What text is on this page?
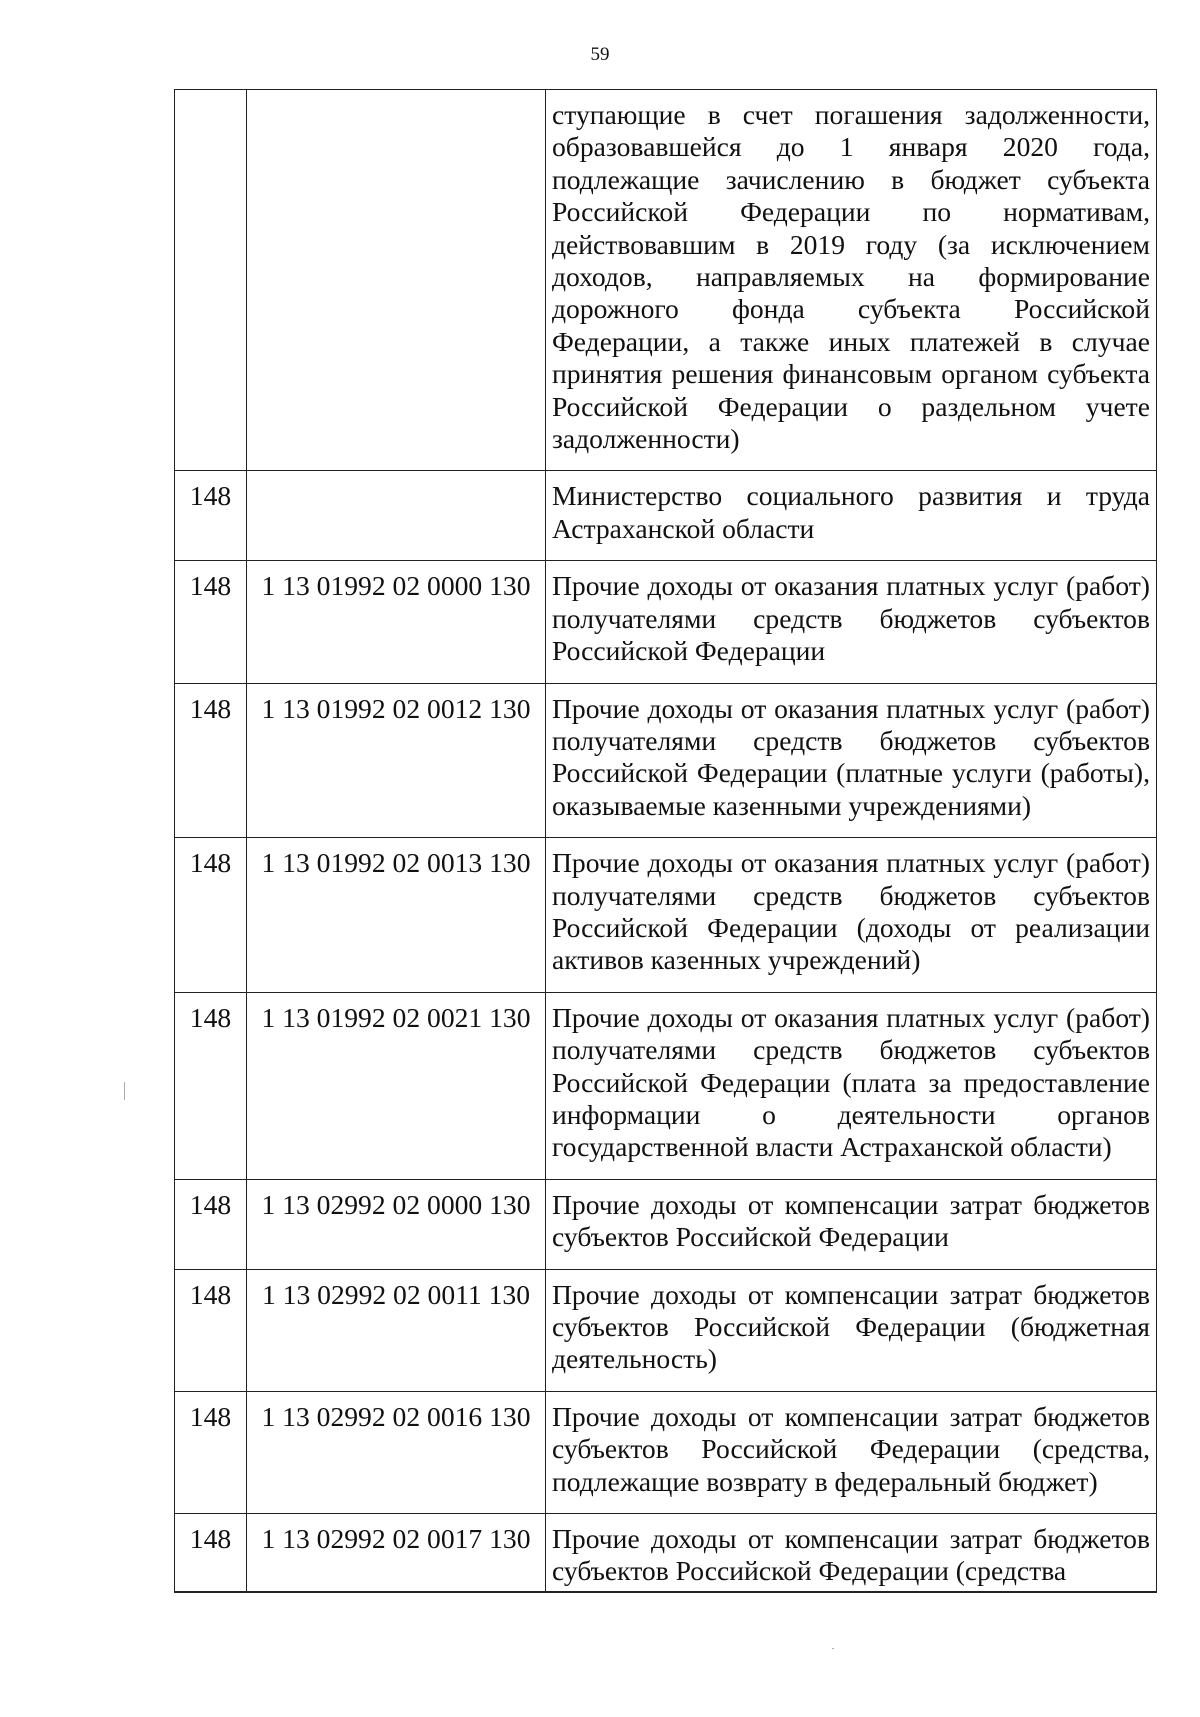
59
		ступающие в счет погашения задолженности, образовавшейся до 1 января 2020 года, подлежащие зачислению в бюджет субъекта Российской Федерации по нормативам, действовавшим в 2019 году (за исключением доходов, направляемых на формирование дорожного фонда субъекта Российской Федерации, а также иных платежей в случае принятия решения финансовым органом субъекта Российской Федерации о раздельном учете задолженности)
148		Министерство социального развития и труда Астраханской области
148	1 13 01992 02 0000 130	Прочие доходы от оказания платных услуг (работ) получателями средств бюджетов субъектов Российской Федерации
148	1 13 01992 02 0012 130	Прочие доходы от оказания платных услуг (работ) получателями средств бюджетов субъектов Российской Федерации (платные услуги (работы), оказываемые казенными учреждениями)
148	1 13 01992 02 0013 130	Прочие доходы от оказания платных услуг (работ) получателями средств бюджетов субъектов Российской Федерации (доходы от реализации активов казенных учреждений)
148	1 13 01992 02 0021 130	Прочие доходы от оказания платных услуг (работ) получателями средств бюджетов субъектов Российской Федерации (плата за предоставление информации о деятельности органов государственной власти Астраханской области)
148	1 13 02992 02 0000 130	Прочие доходы от компенсации затрат бюджетов субъектов Российской Федерации
148	1 13 02992 02 0011 130	Прочие доходы от компенсации затрат бюджетов субъектов Российской Федерации (бюджетная деятельность)
148	1 13 02992 02 0016 130	Прочие доходы от компенсации затрат бюджетов субъектов Российской Федерации (средства, подлежащие возврату в федеральный бюджет)
148	1 13 02992 02 0017 130	Прочие доходы от компенсации затрат бюджетов субъектов Российской Федерации (средства
